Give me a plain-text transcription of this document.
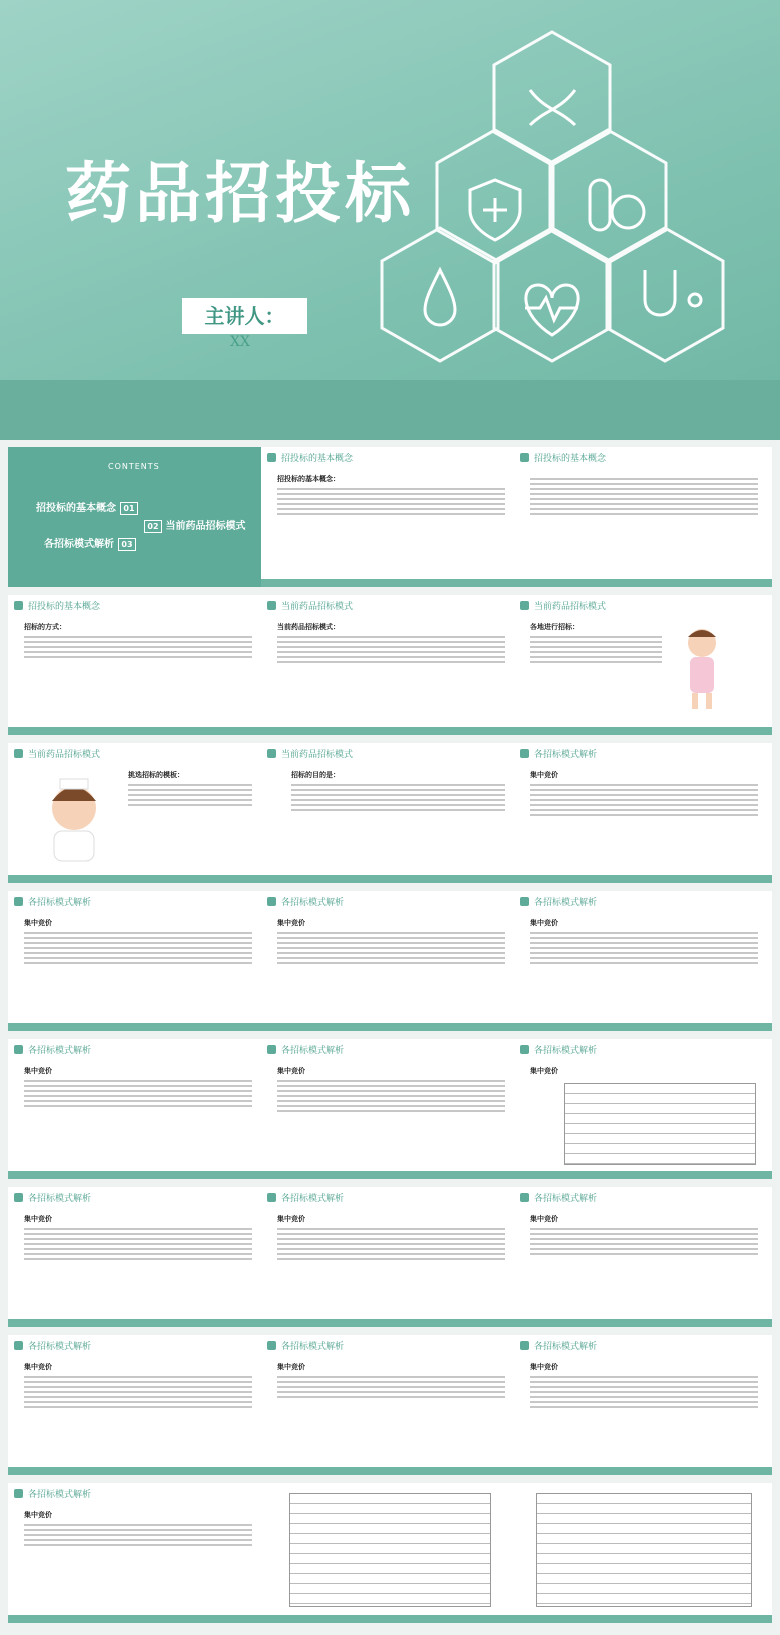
药品招投标
主讲人：
XX
CONTENTS
招投标的基本概念 01
02 当前药品招标模式
各招标模式解析 03
招投标的基本概念
招投标的基本概念：
招投标的基本概念
招投标的基本概念
招标的方式：
当前药品招标模式
当前药品招标模式：
当前药品招标模式
各地进行招标：
当前药品招标模式
挑选招标的模板：
当前药品招标模式
招标的目的是：
各招标模式解析
集中竞价
各招标模式解析
集中竞价
各招标模式解析
集中竞价
各招标模式解析
集中竞价
各招标模式解析
集中竞价
各招标模式解析
集中竞价
各招标模式解析
集中竞价
各招标模式解析
集中竞价
各招标模式解析
集中竞价
各招标模式解析
集中竞价
各招标模式解析
集中竞价
各招标模式解析
集中竞价
各招标模式解析
集中竞价
各招标模式解析
集中竞价
